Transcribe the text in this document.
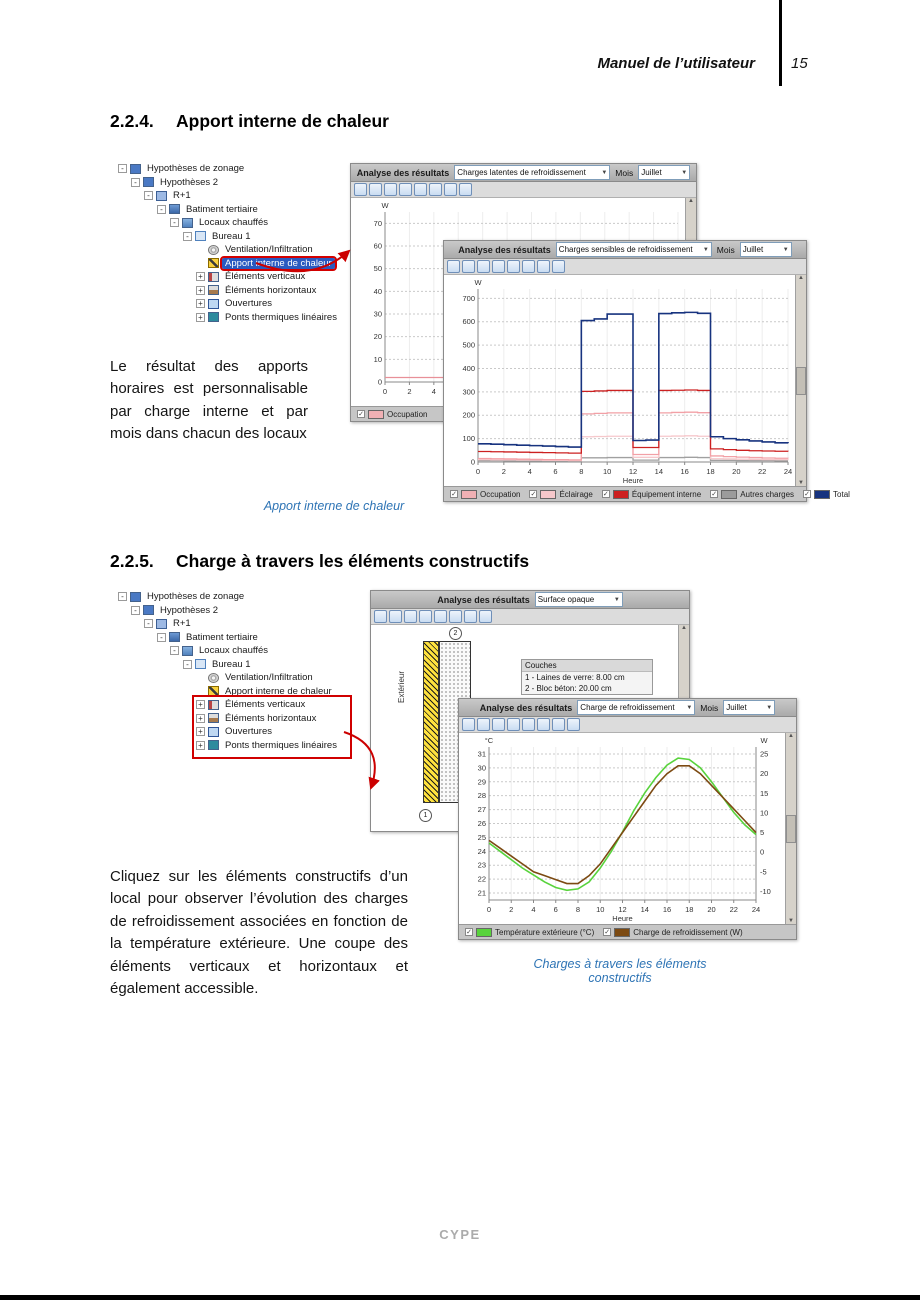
Manuel de l’utilisateur 15
2.2.4.	Apport interne de chaleur
-	Hypothèses de zonage
-	Hypothèses 2
-	R+1
-	Batiment tertiaire
-	Locaux chauffés
-	Bureau 1
Ventilation/Infiltration
Apport interne de chaleur
+	Éléments verticaux
+	Éléments horizontaux
+	Ouvertures
+	Ponts thermiques linéaires
Analyse des résultats Charges latentes de refroidissement	▼ Mois Juillet	▼
0
10
20
30
40
50
60
70
0	2	4
W	▲
✓	Occupation
Analyse des résultats Charges sensibles de refroidissement ▼ Mois Juillet	▼
0
100
200
300
400
500
600
700
0	2	4	6	8	10 12 14 16 18 20 22 24
W
Heure
▲
▼
✓	Occupation ✓	Éclairage ✓	Équipement interne ✓	Autres charges ✓	Total
Le résultat des apports horaires est personnalisable par charge interne et par mois dans chacun des locaux
Apport interne de chaleur
2.2.5.	Charge à travers les éléments constructifs
-	Hypothèses de zonage
-	Hypothèses 2
-	R+1
-	Batiment tertiaire
-	Locaux chauffés
-	Bureau 1
Ventilation/Infiltration
Apport interne de chaleur
+	Éléments verticaux
+	Éléments horizontaux
+	Ouvertures
+	Ponts thermiques linéaires
Analyse des résultats Surface opaque	▼
Extérieur
2
1
Couches
1 - Laines de verre: 8.00 cm
2 - Bloc béton: 20.00 cm
▲
Analyse des résultats Charge de refroidissement ▼ Mois Juillet	▼
21
22
23
24
25
26
27
28
29
30
31
-10
-5
0
5
10
15
20
25
0 2 4 6 8 10 12 14 16 18 20 22 24
°C	W
Heure
▲
▼
✓	Température extérieure (°C) ✓	Charge de refroidissement (W)
Cliquez sur les éléments constructifs d’un local pour observer l’évolution des charges de refroidissement associées en fonction de la température extérieure. Une coupe des éléments verticaux et horizontaux et également accessible.
Charges à travers les éléments constructifs
CYPE
